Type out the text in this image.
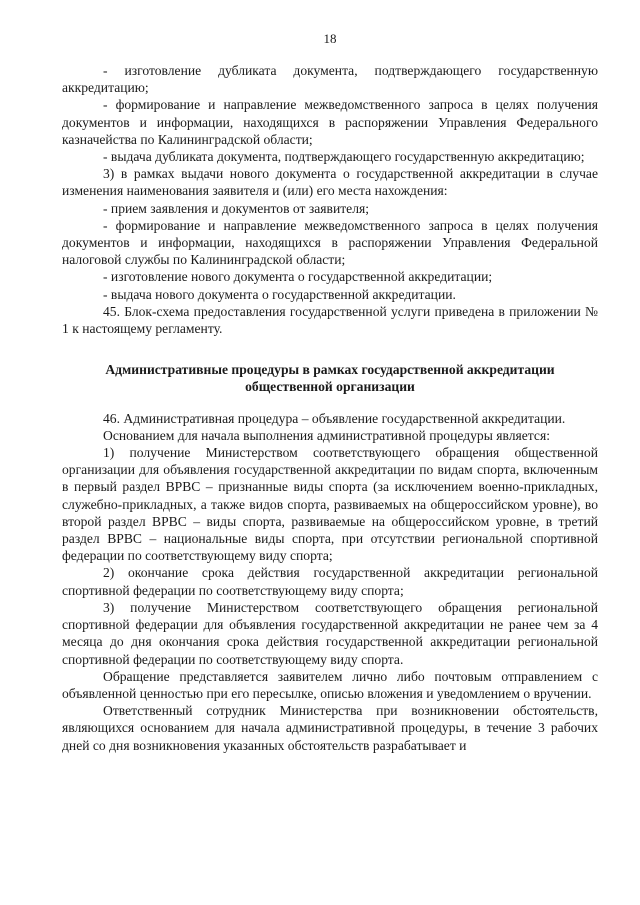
18

- изготовление дубликата документа, подтверждающего государственную аккредитацию;

- формирование и направление межведомственного запроса в целях получения документов и информации, находящихся в распоряжении Управления Федерального казначейства по Калининградской области;

- выдача дубликата документа, подтверждающего государственную аккредитацию;

3) в рамках выдачи нового документа о государственной аккредитации в случае изменения наименования заявителя и (или) его места нахождения:

- прием заявления и документов от заявителя;

- формирование и направление межведомственного запроса в целях получения документов и информации, находящихся в распоряжении Управления Федеральной налоговой службы по Калининградской области;

- изготовление нового документа о государственной аккредитации;

- выдача нового документа о государственной аккредитации.

45. Блок-схема предоставления государственной услуги приведена в приложении № 1 к настоящему регламенту.

Административные процедуры в рамках государственной аккредитации общественной организации

46. Административная процедура – объявление государственной аккредитации.

Основанием для начала выполнения административной процедуры является:

1) получение Министерством соответствующего обращения общественной организации для объявления государственной аккредитации по видам спорта, включенным в первый раздел ВРВС – признанные виды спорта (за исключением военно-прикладных, служебно-прикладных, а также видов спорта, развиваемых на общероссийском уровне), во второй раздел ВРВС – виды спорта, развиваемые на общероссийском уровне, в третий раздел ВРВС – национальные виды спорта, при отсутствии региональной спортивной федерации по соответствующему виду спорта;

2) окончание срока действия государственной аккредитации региональной спортивной федерации по соответствующему виду спорта;

3) получение Министерством соответствующего обращения региональной спортивной федерации для объявления государственной аккредитации не ранее чем за 4 месяца до дня окончания срока действия государственной аккредитации региональной спортивной федерации по соответствующему виду спорта.

Обращение представляется заявителем лично либо почтовым отправлением с объявленной ценностью при его пересылке, описью вложения и уведомлением о вручении.

Ответственный сотрудник Министерства при возникновении обстоятельств, являющихся основанием для начала административной процедуры, в течение 3 рабочих дней со дня возникновения указанных обстоятельств разрабатывает и
